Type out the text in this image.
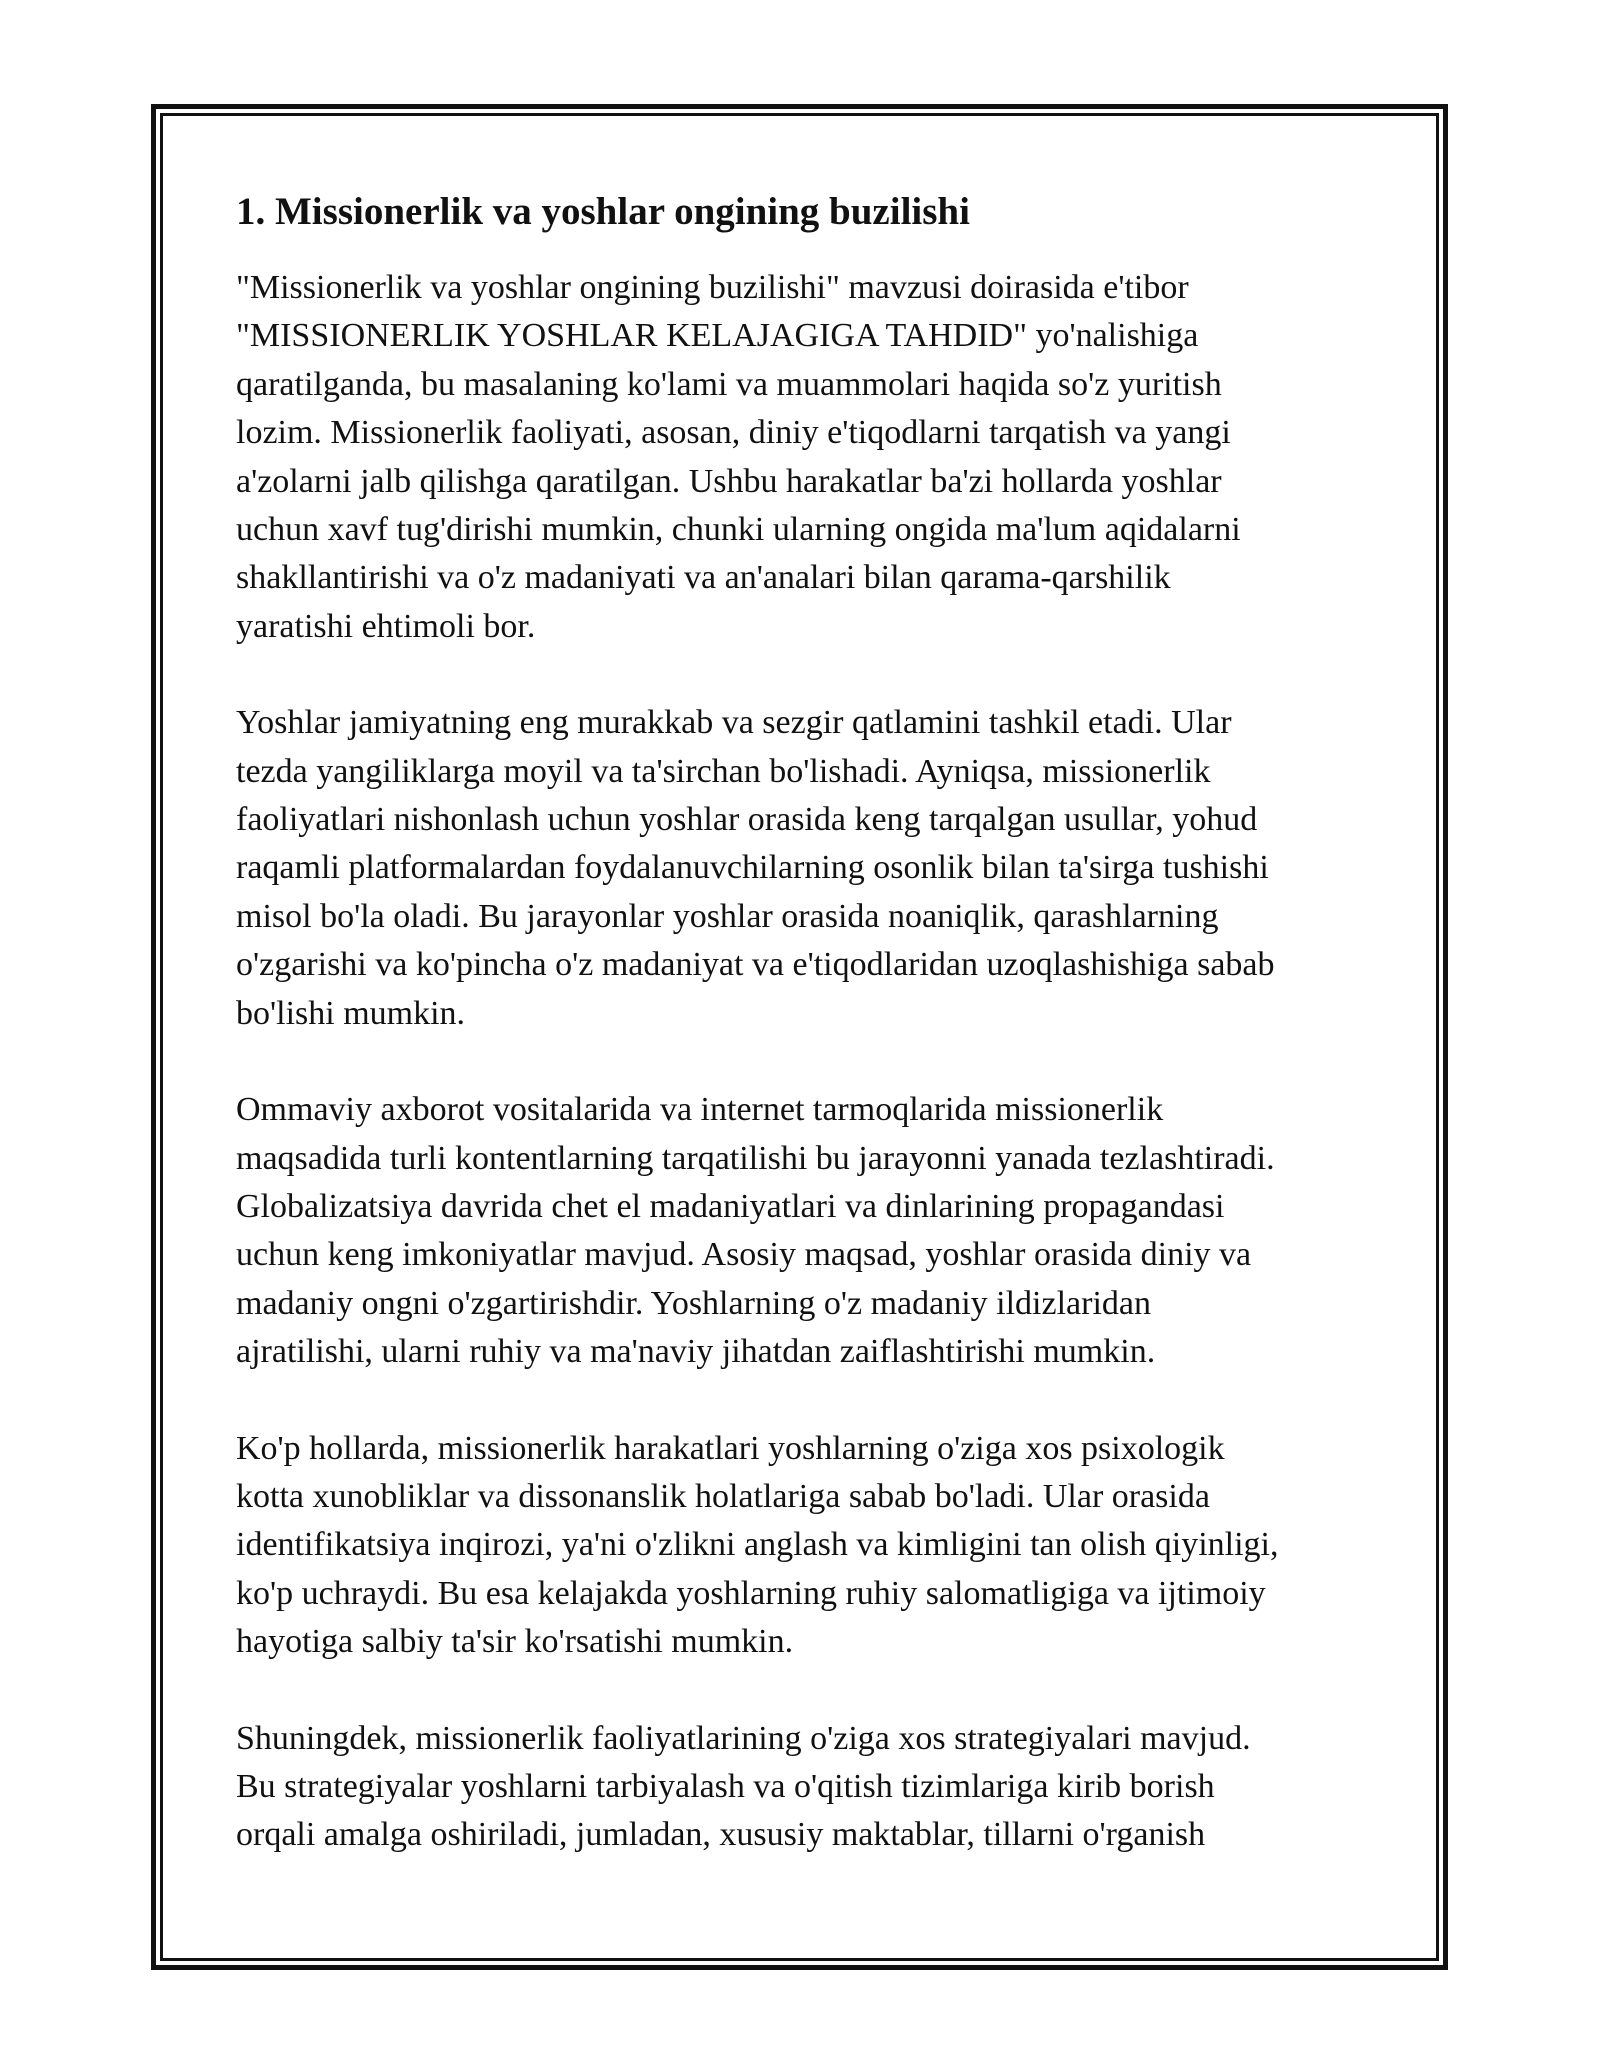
1. Missionerlik va yoshlar ongining buzilishi

"Missionerlik va yoshlar ongining buzilishi" mavzusi doirasida e'tibor
"MISSIONERLIK YOSHLAR KELAJAGIGA TAHDID" yo'nalishiga
qaratilganda, bu masalaning ko'lami va muammolari haqida so'z yuritish
lozim. Missionerlik faoliyati, asosan, diniy e'tiqodlarni tarqatish va yangi
a'zolarni jalb qilishga qaratilgan. Ushbu harakatlar ba'zi hollarda yoshlar
uchun xavf tug'dirishi mumkin, chunki ularning ongida ma'lum aqidalarni
shakllantirishi va o'z madaniyati va an'analari bilan qarama-qarshilik
yaratishi ehtimoli bor.

Yoshlar jamiyatning eng murakkab va sezgir qatlamini tashkil etadi. Ular
tezda yangiliklarga moyil va ta'sirchan bo'lishadi. Ayniqsa, missionerlik
faoliyatlari nishonlash uchun yoshlar orasida keng tarqalgan usullar, yohud
raqamli platformalardan foydalanuvchilarning osonlik bilan ta'sirga tushishi
misol bo'la oladi. Bu jarayonlar yoshlar orasida noaniqlik, qarashlarning
o'zgarishi va ko'pincha o'z madaniyat va e'tiqodlaridan uzoqlashishiga sabab
bo'lishi mumkin.

Ommaviy axborot vositalarida va internet tarmoqlarida missionerlik
maqsadida turli kontentlarning tarqatilishi bu jarayonni yanada tezlashtiradi.
Globalizatsiya davrida chet el madaniyatlari va dinlarining propagandasi
uchun keng imkoniyatlar mavjud. Asosiy maqsad, yoshlar orasida diniy va
madaniy ongni o'zgartirishdir. Yoshlarning o'z madaniy ildizlaridan
ajratilishi, ularni ruhiy va ma'naviy jihatdan zaiflashtirishi mumkin.

Ko'p hollarda, missionerlik harakatlari yoshlarning o'ziga xos psixologik
kotta xunobliklar va dissonanslik holatlariga sabab bo'ladi. Ular orasida
identifikatsiya inqirozi, ya'ni o'zlikni anglash va kimligini tan olish qiyinligi,
ko'p uchraydi. Bu esa kelajakda yoshlarning ruhiy salomatligiga va ijtimoiy
hayotiga salbiy ta'sir ko'rsatishi mumkin.

Shuningdek, missionerlik faoliyatlarining o'ziga xos strategiyalari mavjud.
Bu strategiyalar yoshlarni tarbiyalash va o'qitish tizimlariga kirib borish
orqali amalga oshiriladi, jumladan, xususiy maktablar, tillarni o'rganish
